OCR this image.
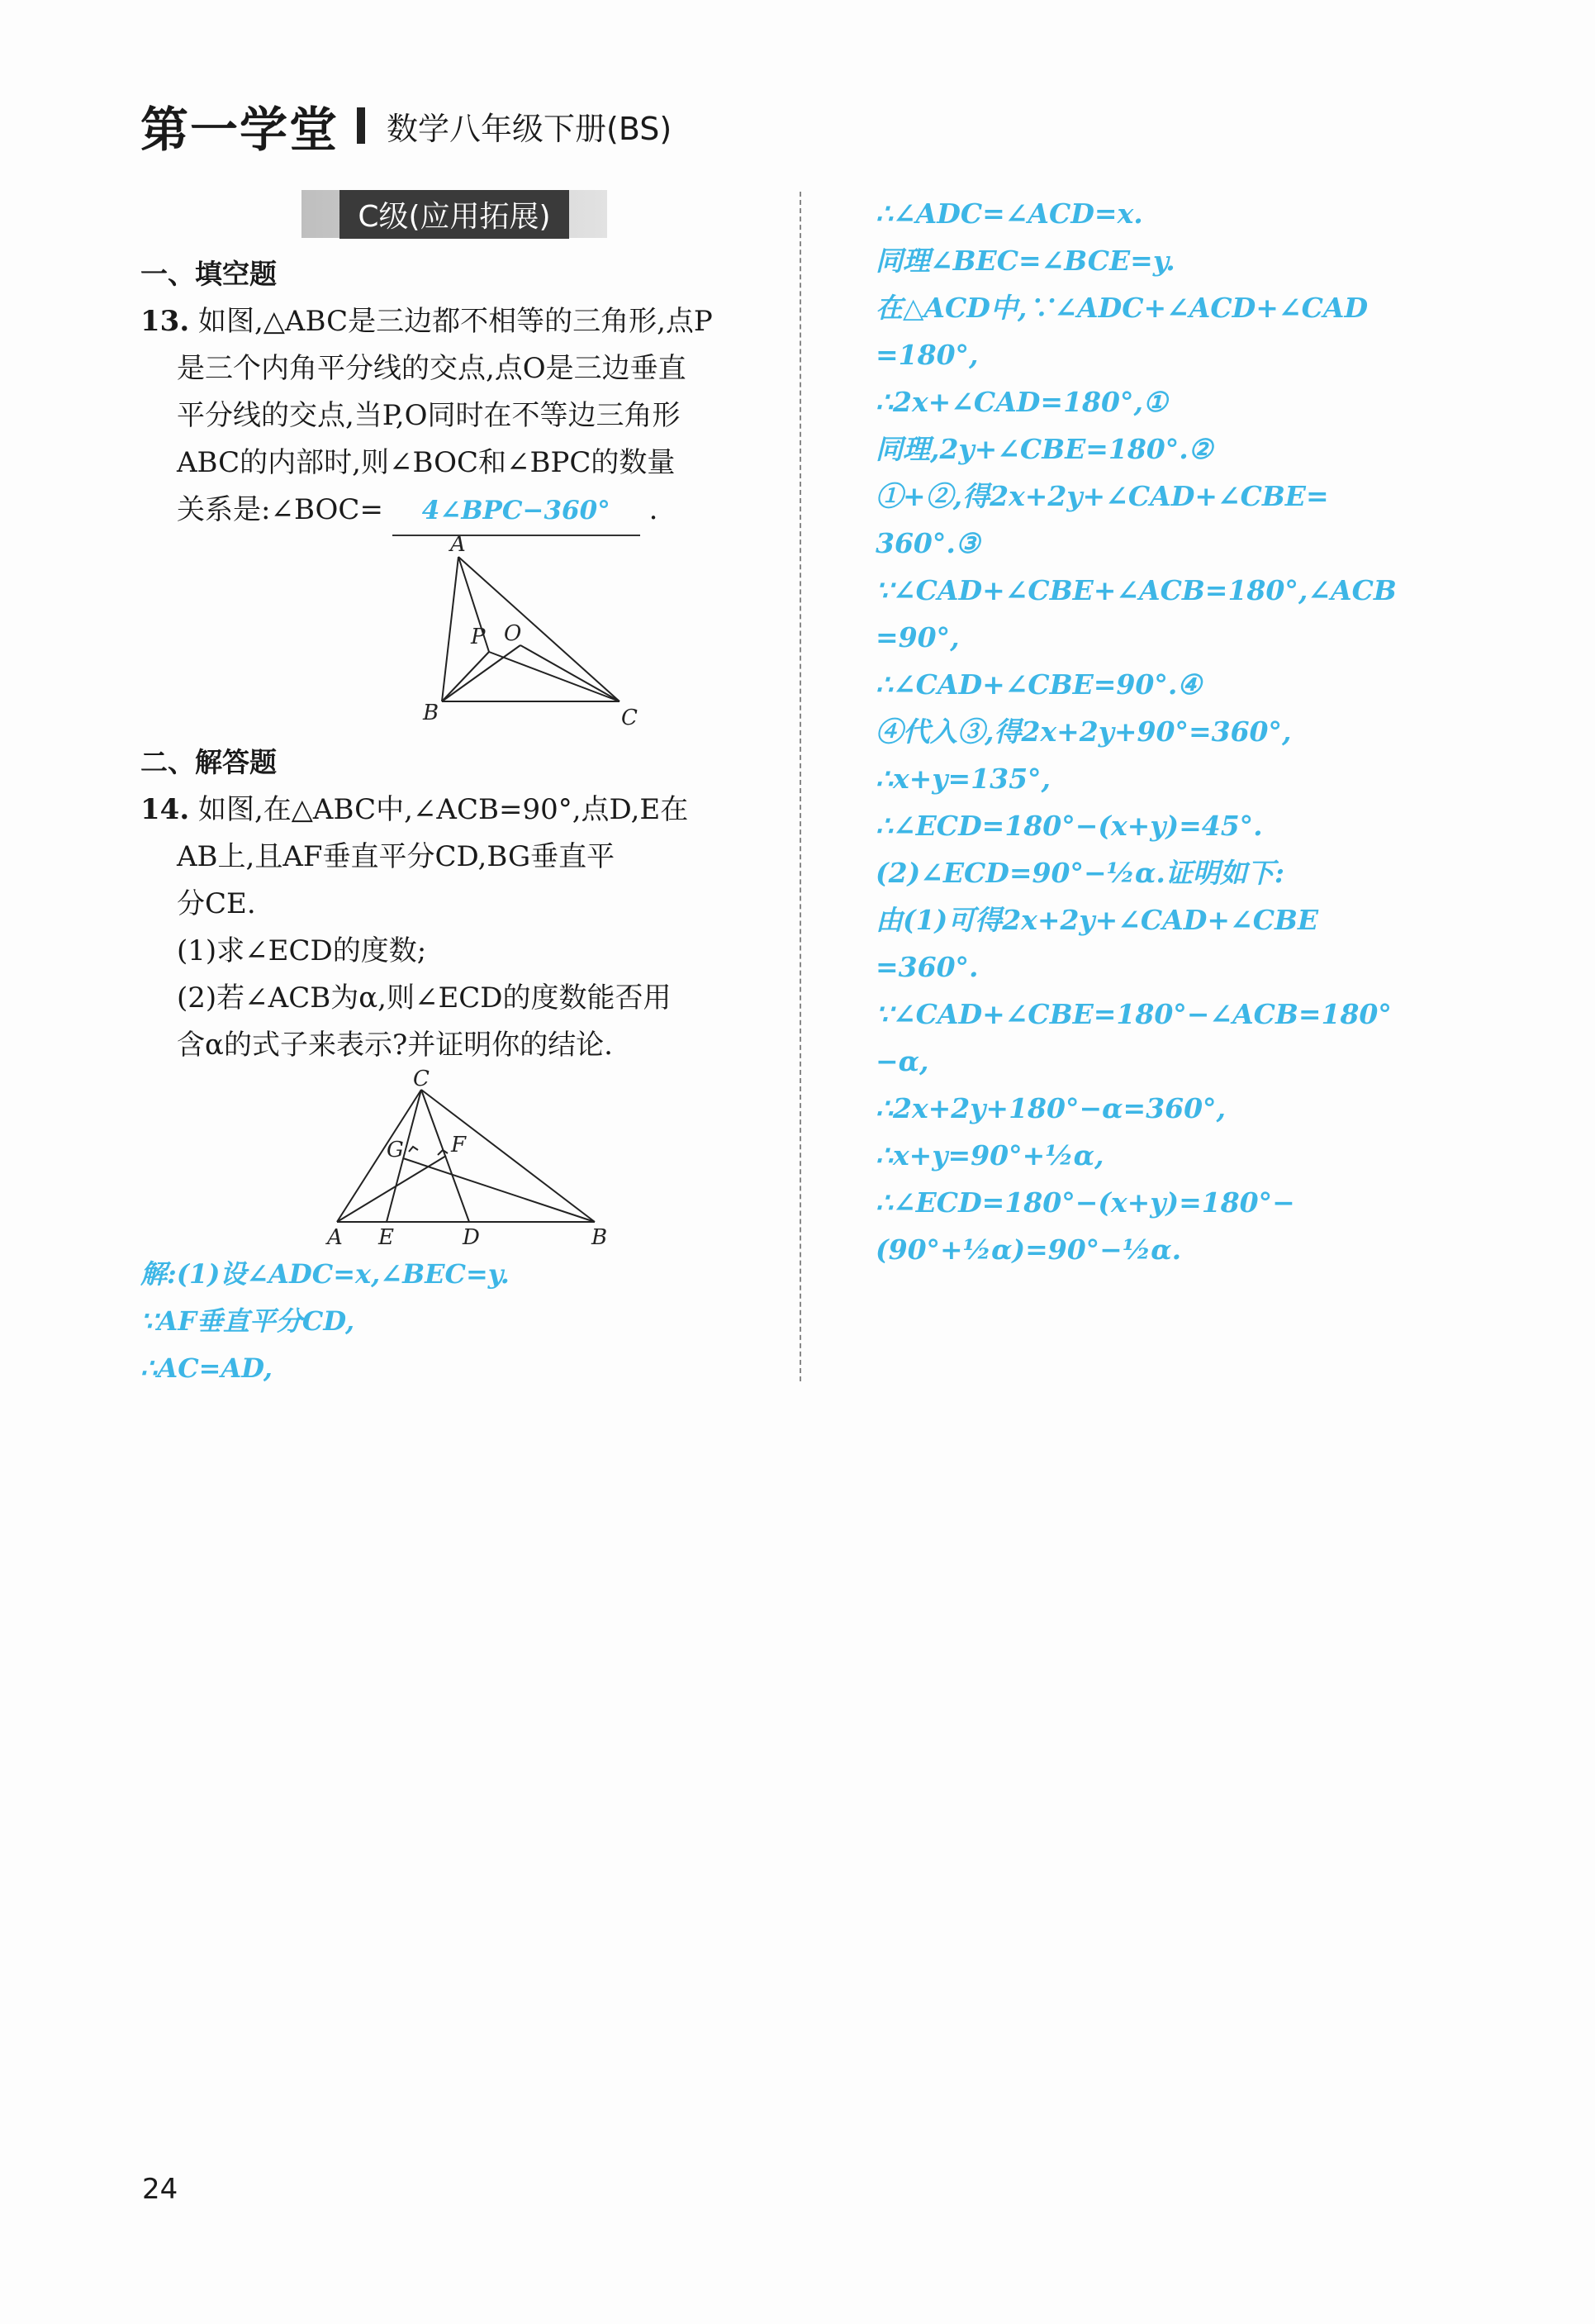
第一学堂 数学八年级下册(BS)
C级(应用拓展)
一、填空题
13. 如图,△ABC是三边都不相等的三角形,点P
是三个内角平分线的交点,点O是三边垂直
平分线的交点,当P,O同时在不等边三角形
ABC的内部时,则∠BOC和∠BPC的数量
关系是:∠BOC= 4∠BPC−360° .
A
B	C
P O
二、解答题
14. 如图,在△ABC中,∠ACB=90°,点D,E在
AB上,且AF垂直平分CD,BG垂直平
分CE.
(1)求∠ECD的度数;
(2)若∠ACB为α,则∠ECD的度数能否用
含α的式子来表示?并证明你的结论.
C
G F
A E	D	B
解:(1)设∠ADC=x,∠BEC=y.
∵AF垂直平分CD,
∴AC=AD,
∴∠ADC=∠ACD=x.
同理∠BEC=∠BCE=y.
在△ACD中,∵∠ADC+∠ACD+∠CAD
=180°,
∴2x+∠CAD=180°,①
同理,2y+∠CBE=180°.②
①+②,得2x+2y+∠CAD+∠CBE=
360°.③
∵∠CAD+∠CBE+∠ACB=180°,∠ACB
=90°,
∴∠CAD+∠CBE=90°.④
④代入③,得2x+2y+90°=360°,
∴x+y=135°,
∴∠ECD=180°−(x+y)=45°.
(2)∠ECD=90°−½α.证明如下:
由(1)可得2x+2y+∠CAD+∠CBE
=360°.
∵∠CAD+∠CBE=180°−∠ACB=180°
−α,
∴2x+2y+180°−α=360°,
∴x+y=90°+½α,
∴∠ECD=180°−(x+y)=180°−
(90°+½α)=90°−½α.
24
